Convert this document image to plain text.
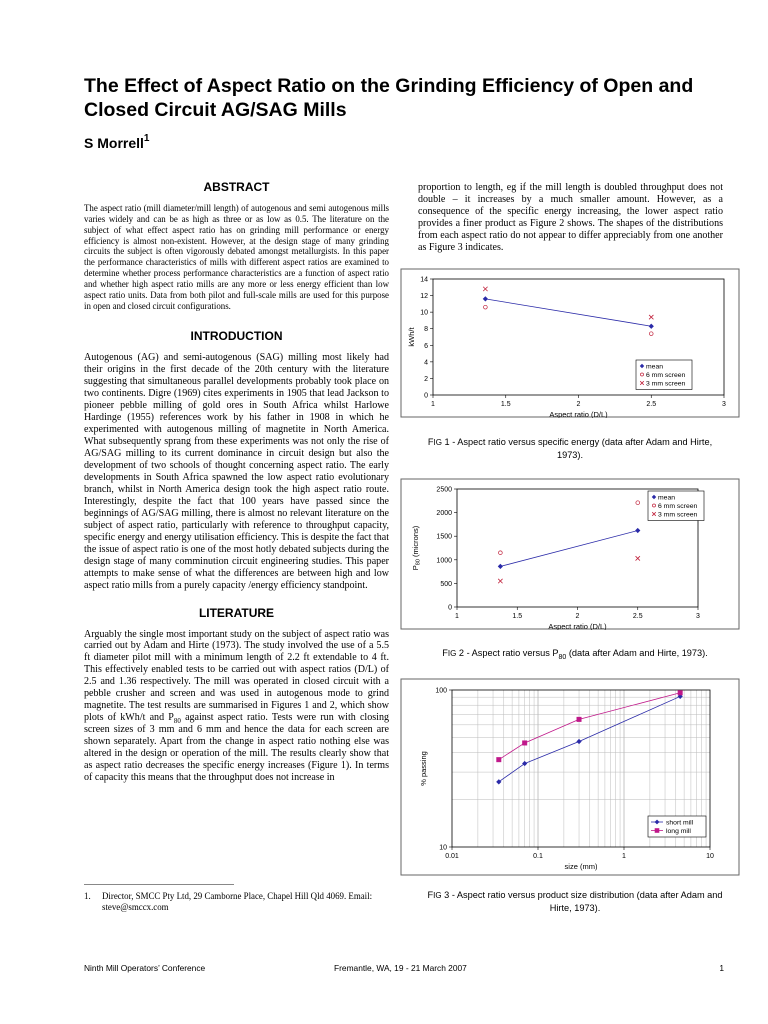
The Effect of Aspect Ratio on the Grinding Efficiency of Open and Closed Circuit AG/SAG Mills
S Morrell$^1$
ABSTRACT

The aspect ratio (mill diameter/mill length) of autogenous and semi autogenous mills varies widely and can be as high as three or as low as 0.5. The literature on the subject of what effect aspect ratio has on grinding mill performance or energy efficiency is almost non-existent. However, at the design stage of many grinding circuits the subject is often vigorously debated amongst metallurgists. In this paper the performance characteristics of mills with different aspect ratios are examined to determine whether process performance characteristics are a function of aspect ratio and whether high aspect ratio mills are any more or less energy efficient than low aspect ratio units. Data from both pilot and full-scale mills are used for this purpose in open and closed circuit configurations.

INTRODUCTION

Autogenous (AG) and semi-autogenous (SAG) milling most likely had their origins in the first decade of the 20th century with the literature suggesting that simultaneous parallel developments probably took place on two continents. Digre (1969) cites experiments in 1905 that lead Jackson to pioneer pebble milling of gold ores in South Africa whilst Harlowe Hardinge (1955) references work by his father in 1908 in which he experimented with autogenous milling of magnetite in North America. What subsequently sprang from these experiments was not only the rise of AG/SAG milling to its current dominance in circuit design but also the development of two schools of thought concerning aspect ratio. The early developments in South Africa spawned the low aspect ratio evolutionary branch, whilst in North America design took the high aspect ratio route. Interestingly, despite the fact that 100 years have passed since the beginnings of AG/SAG milling, there is almost no relevant literature on the subject of aspect ratio, particularly with reference to throughput capacity, specific energy and energy utilisation efficiency. This is despite the fact that the issue of aspect ratio is one of the most hotly debated subjects during the design stage of many comminution circuit engineering studies. This paper attempts to make sense of what the differences are between high and low aspect ratio mills from a purely capacity /energy efficiency standpoint.

LITERATURE

Arguably the single most important study on the subject of aspect ratio was carried out by Adam and Hirte (1973). The study involved the use of a 5.5 ft diameter pilot mill with a minimum length of 2.2 ft extendable to 4 ft. This effectively enabled tests to be carried out with aspect ratios (D/L) of 2.5 and 1.36 respectively. The mill was operated in closed circuit with a pebble crusher and screen and was used in autogenous mode to grind magnetite. The test results are summarised in Figures 1 and 2, which show plots of kWh/t and $P_{80}$ against aspect ratio. Tests were run with closing screen sizes of 3 mm and 6 mm and hence the data for each screen are shown separately. Apart from the change in aspect ratio nothing else was altered in the design or operation of the mill. The results clearly show that as aspect ratio decreases the specific energy increases (Figure 1). In terms of capacity this means that the throughput does not increase in

1. Director, SMCC Pty Ltd, 29 Camborne Place, Chapel Hill Qld 4069. Email: steve@smccx.com

proportion to length, eg if the mill length is doubled throughput does not double – it increases by a much smaller amount. However, as a consequence of the specific energy increasing, the lower aspect ratio provides a finer product as Figure 2 shows. The shapes of the distributions from each aspect ratio do not appear to differ appreciably from one another as Figure 3 indicates.

1	1.5	2	2.5	3
0
2
4
6
8
10
12
14
Aspect ratio (D/L)
kWh/t
mean
6 mm screen
3 mm screen
FIG 1 - Aspect ratio versus specific energy (data after Adam and Hirte, 1973).
1	1.5	2	2.5	3
0
500
1000
1500
2000
2500
Aspect ratio (D/L)
$P_{80}$ (microns)
mean
6 mm screen
3 mm screen
FIG 2 - Aspect ratio versus $P_{80}$ (data after Adam and Hirte, 1973).
0.01	0.1	1	10
10
100
size (mm)
% passing
short mill
long mill
FIG 3 - Aspect ratio versus product size distribution (data after Adam and Hirte, 1973).
Ninth Mill Operators’ Conference	Fremantle, WA, 19 - 21 March 2007	1
